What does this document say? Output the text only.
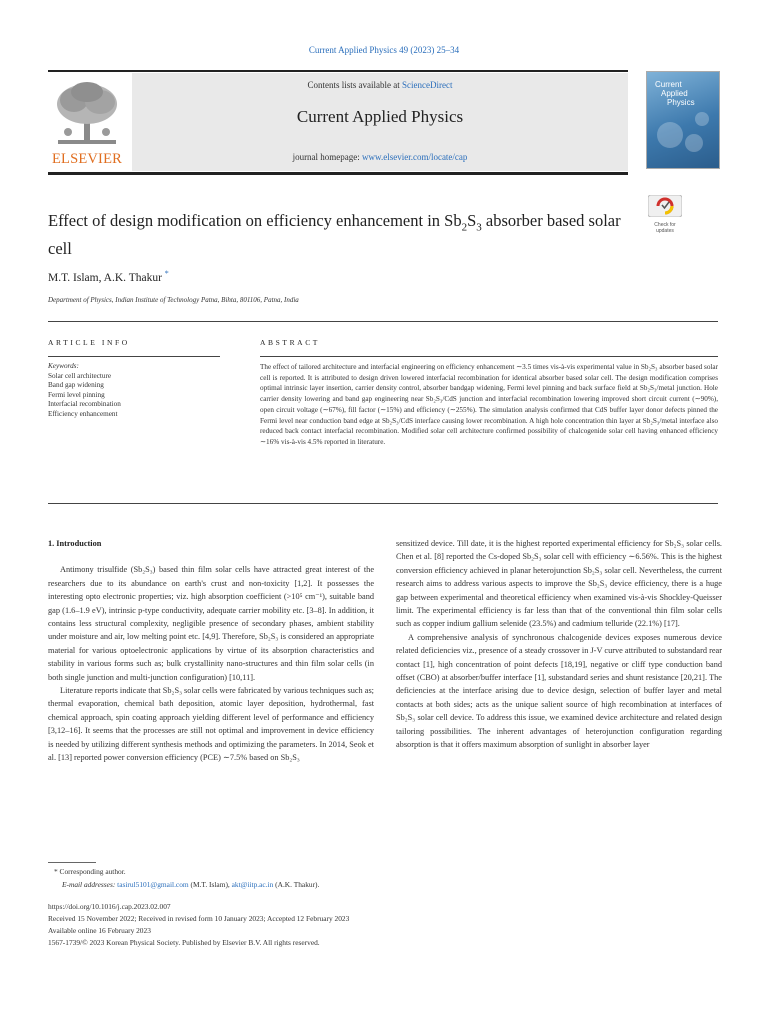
Current Applied Physics 49 (2023) 25–34
ELSEVIER
Contents lists available at ScienceDirect
Current Applied Physics
journal homepage: www.elsevier.com/locate/cap
Current
Applied
Physics
Effect of design modification on efficiency enhancement in $Sb_2S_3$ absorber based solar cell
Check for
updates
M.T. Islam, A.K. Thakur *
Department of Physics, Indian Institute of Technology Patna, Bihta, 801106, Patna, India
ARTICLE INFO	ABSTRACT
Keywords:
Solar cell architecture
Band gap widening
Fermi level pinning
Interfacial recombination
Efficiency enhancement
The effect of tailored architecture and interfacial engineering on efficiency enhancement ∼3.5 times vis-à-vis experimental value in Sb₂S₃ absorber based solar cell is reported. It is attributed to design driven lowered interfacial recombination for identical absorber based solar cell. The design modification comprises optimal intrinsic layer insertion, carrier density control, absorber bandgap widening, Fermi level pinning and back surface field at Sb₂S₃/metal junction. Hole carrier density lowering and band gap engineering near Sb₂S₃/CdS junction and interfacial recombination lowering improved short circuit current (∼90%), open circuit voltage (∼67%), fill factor (∼15%) and efficiency (∼255%). The simulation analysis confirmed that CdS buffer layer donor defects pinned the Fermi level near conduction band edge at Sb₂S₃/CdS interface causing lower recombination. A high hole concentration thin layer at Sb₂S₃/metal interface also reduced back contact interfacial recombination. Modified solar cell architecture confirmed possibility of chalcogenide solar cell having enhanced efficiency ∼16% vis-à-vis 4.5% reported in literature.

1. Introduction

Antimony trisulfide (Sb₂S₃) based thin film solar cells have attracted great interest of the researchers due to its abundance on earth's crust and non-toxicity [1,2]. It possesses the interesting opto electronic properties; viz. high absorption coefficient (>10⁵ cm⁻¹), suitable band gap (1.6–1.9 eV), intrinsic p-type conductivity, adequate carrier mobility etc. [3–8]. In addition, it contains less structural complexity, negligible presence of secondary phases, ambient stability under moisture and air, low melting point etc. [4,9]. Therefore, Sb₂S₃ is considered an appropriate material for various optoelectronic applications by virtue of its absorption characteristics and stability in various forms such as; bulk crystallinity nano-structures and thin film solar cells (in both single junction and multi-junction configuration) [10,11].

Literature reports indicate that Sb₂S₃ solar cells were fabricated by various techniques such as; thermal evaporation, chemical bath deposition, atomic layer deposition, hydrothermal, fast chemical approach, spin coating approach yielding different level of performance and efficiency [3,12–16]. It seems that the processes are still not optimal and improvement in device efficiency is needed by utilizing different synthesis methods and optimizing the parameters. In 2014, Seok et al. [13] reported power conversion efficiency (PCE) ∼7.5% based on Sb₂S₃

sensitized device. Till date, it is the highest reported experimental efficiency for Sb₂S₃ solar cells. Chen et al. [8] reported the Cs-doped Sb₂S₃ solar cell with efficiency ∼6.56%. This is the highest conversion efficiency achieved in planar heterojunction Sb₂S₃ solar cell. Nevertheless, the current research aims to address various aspects to improve the Sb₂S₃ device efficiency, there is a huge gap between experimental and theoretical efficiency when examined vis-à-vis Shockley-Queisser limit. The experimental efficiency is far less than that of the conventional thin film solar cells such as copper indium gallium selenide (23.5%) and cadmium telluride (22.1%) [17].

A comprehensive analysis of synchronous chalcogenide devices exposes numerous device related deficiencies viz., presence of a steady crossover in J-V curve attributed to substandard rear contact [1], high concentration of point defects [18,19], negative or cliff type conduction band offset (CBO) at absorber/buffer interface [1], substandard series and shunt resistance [20,21]. The deficiencies at the interface arising due to device design, selection of buffer layer and metal contacts at both sides; acts as the unique salient source of high recombination at interfaces of Sb₂S₃ solar cell device. To address this issue, we examined device architecture and related design tailoring possibilities. The inherent advantages of heterojunction configuration regarding absorption is that it offers maximum absorption of sunlight in absorber layer

* Corresponding author.
E-mail addresses: tasirul5101@gmail.com (M.T. Islam), akt@iitp.ac.in (A.K. Thakur).
https://doi.org/10.1016/j.cap.2023.02.007
Received 15 November 2022; Received in revised form 10 January 2023; Accepted 12 February 2023
Available online 16 February 2023
1567-1739/© 2023 Korean Physical Society. Published by Elsevier B.V. All rights reserved.
